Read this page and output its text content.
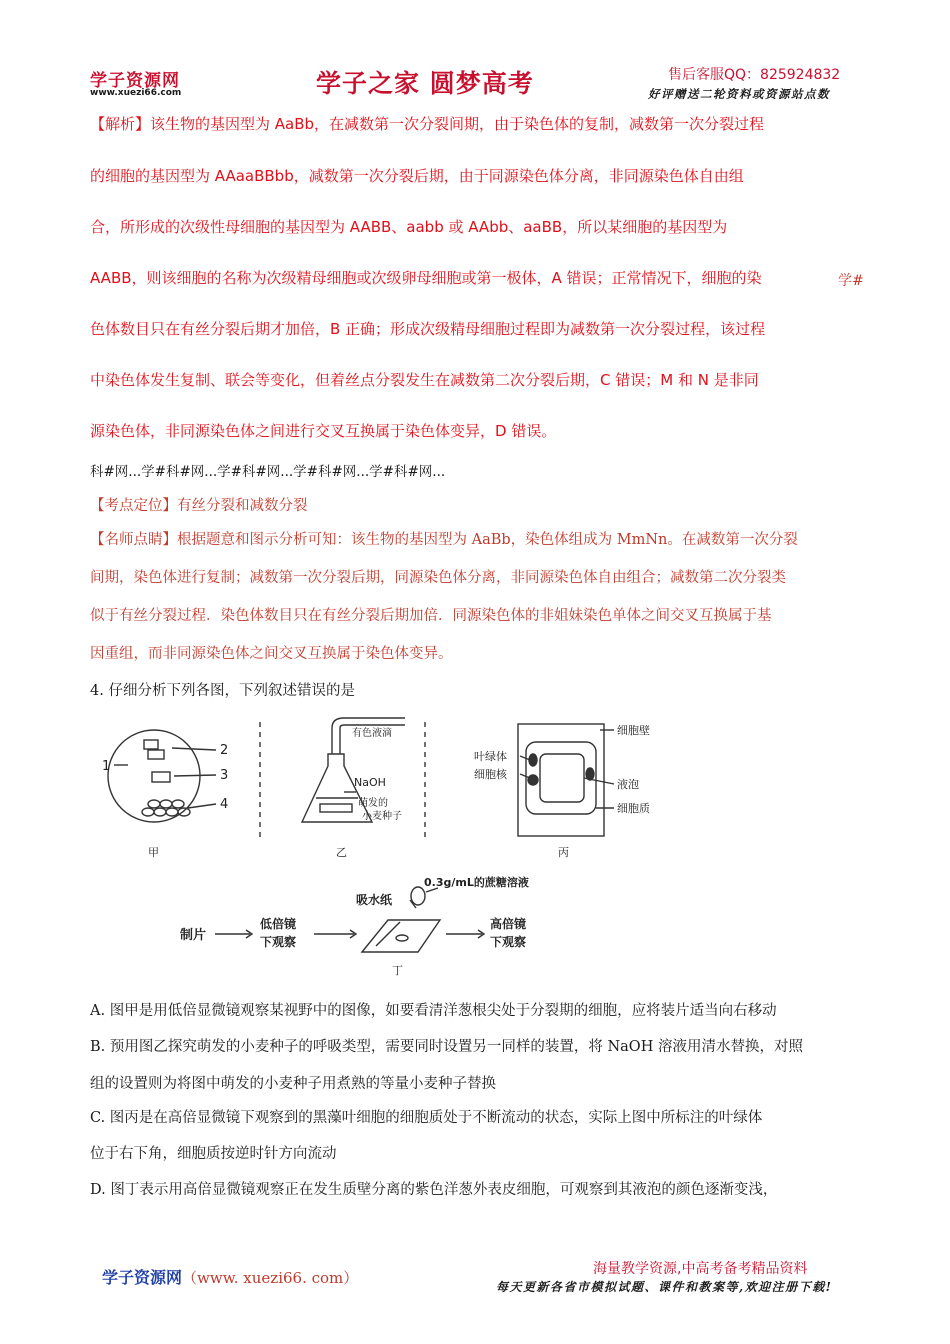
学子资源网
www.xuezi66.com	学子之家 圆梦高考	售后客服QQ：825924832
好评赠送二轮资料或资源站点数
【解析】该生物的基因型为 AaBb，在减数第一次分裂间期，由于染色体的复制，减数第一次分裂过程
的细胞的基因型为 AAaaBBbb，减数第一次分裂后期，由于同源染色体分离，非同源染色体自由组
合，所形成的次级性母细胞的基因型为 AABB、aabb 或 AAbb、aaBB，所以某细胞的基因型为
AABB，则该细胞的名称为次级精母细胞或次级卵母细胞或第一极体，A 错误；正常情况下，细胞的染	学#
色体数目只在有丝分裂后期才加倍，B 正确；形成次级精母细胞过程即为减数第一次分裂过程，该过程
中染色体发生复制、联会等变化，但着丝点分裂发生在减数第二次分裂后期，C 错误；M 和 N 是非同
源染色体，非同源染色体之间进行交叉互换属于染色体变异，D 错误。
科#网...学#科#网...学#科#网...学#科#网...学#科#网...
【考点定位】有丝分裂和减数分裂
【名师点睛】根据题意和图示分析可知：该生物的基因型为 AaBb，染色体组成为 MmNn。在减数第一次分裂
间期，染色体进行复制；减数第一次分裂后期，同源染色体分离，非同源染色体自由组合；减数第二次分裂类
似于有丝分裂过程．染色体数目只在有丝分裂后期加倍．同源染色体的非姐妹染色单体之间交叉互换属于基
因重组，而非同源染色体之间交叉互换属于染色体变异。
4. 仔细分析下列各图，下列叙述错误的是
1
2
3
4
甲
有色液滴
NaOH
萌发的
小麦种子
乙
叶绿体
细胞核
细胞壁
液泡
细胞质
丙
制片
低倍镜
下观察
吸水纸
0.3g/mL的蔗糖溶液
高倍镜
下观察
丁
A. 图甲是用低倍显微镜观察某视野中的图像，如要看清洋葱根尖处于分裂期的细胞，应将装片适当向右移动
B. 预用图乙探究萌发的小麦种子的呼吸类型，需要同时设置另一同样的装置，将 NaOH 溶液用清水替换，对照
组的设置则为将图中萌发的小麦种子用煮熟的等量小麦种子替换
C. 图丙是在高倍显微镜下观察到的黑藻叶细胞的细胞质处于不断流动的状态，实际上图中所标注的叶绿体
位于右下角，细胞质按逆时针方向流动
D. 图丁表示用高倍显微镜观察正在发生质壁分离的紫色洋葱外表皮细胞，可观察到其液泡的颜色逐渐变浅，
学子资源网（www. xuezi66. com）	海量教学资源,中高考备考精品资料
每天更新各省市模拟试题、课件和教案等,欢迎注册下载!
